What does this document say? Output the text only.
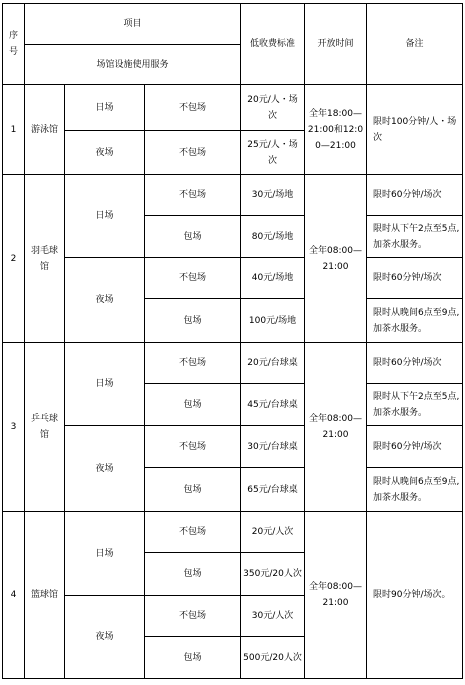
序号	项目			低收费标准	开放时间	备注
	场馆设施使用服务					
1	游泳馆	日场	不包场	20元/人・场次	全年18:00—21:00和12:00—21:00	限时100分钟/人・场次
		夜场	不包场	25元/人・场次		
2	羽毛球馆	日场	不包场	30元/场地	全年08:00—21:00	限时60分钟/场次
			包场	80元/场地		限时从下午2点至5点,加茶水服务。
		夜场	不包场	40元/场地		限时60分钟/场次
			包场	100元/场地		限时从晚间6点至9点,加茶水服务。
3	乒乓球馆	日场	不包场	20元/台球桌	全年08:00—21:00	限时60分钟/场次
			包场	45元/台球桌		限时从下午2点至5点,加茶水服务。
		夜场	不包场	30元/台球桌		限时60分钟/场次
			包场	65元/台球桌		限时从晚间6点至9点,加茶水服务。
4	篮球馆	日场	不包场	20元/人次	全年08:00—21:00	限时90分钟/场次。
			包场	350元/20人次		
		夜场	不包场	30元/人次		
			包场	500元/20人次		
